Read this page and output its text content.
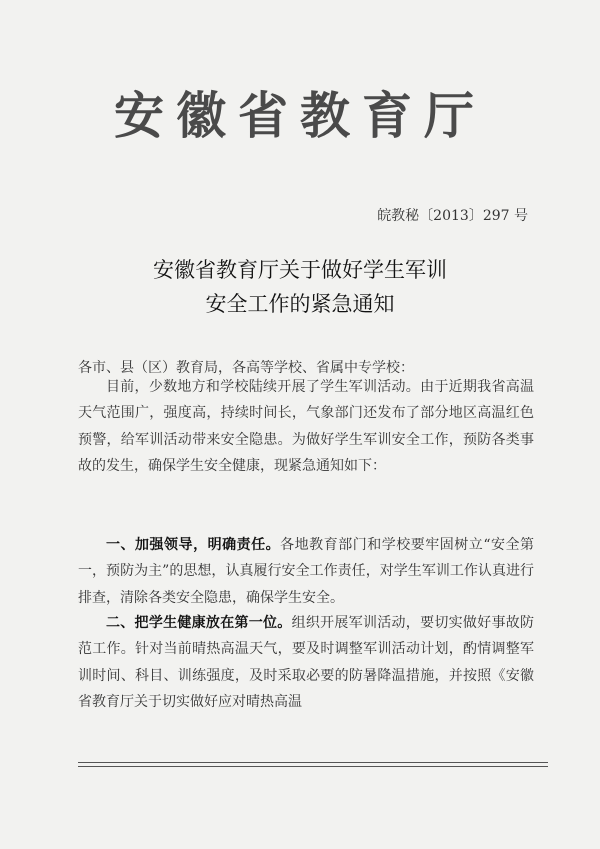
安徽省教育厅
皖教秘〔2013〕297 号
安徽省教育厅关于做好学生军训
安全工作的紧急通知
各市、县（区）教育局，各高等学校、省属中专学校：
目前，少数地方和学校陆续开展了学生军训活动。由于近期我省高温天气范围广，强度高，持续时间长，气象部门还发布了部分地区高温红色预警，给军训活动带来安全隐患。为做好学生军训安全工作，预防各类事故的发生，确保学生安全健康，现紧急通知如下：
一、加强领导，明确责任。各地教育部门和学校要牢固树立“安全第一，预防为主”的思想，认真履行安全工作责任，对学生军训工作认真进行排查，清除各类安全隐患，确保学生安全。
二、把学生健康放在第一位。组织开展军训活动，要切实做好事故防范工作。针对当前晴热高温天气，要及时调整军训活动计划，酌情调整军训时间、科目、训练强度，及时采取必要的防暑降温措施，并按照《安徽省教育厅关于切实做好应对晴热高温
